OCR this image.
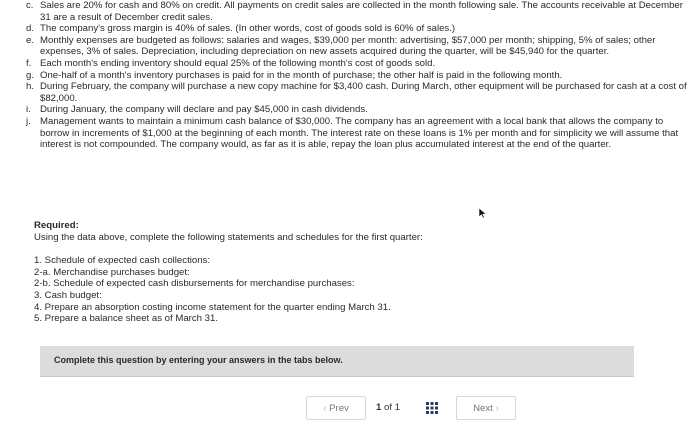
c. Sales are 20% for cash and 80% on credit. All payments on credit sales are collected in the month following sale. The accounts receivable at December 31 are a result of December credit sales.
d. The company's gross margin is 40% of sales. (In other words, cost of goods sold is 60% of sales.)
e. Monthly expenses are budgeted as follows: salaries and wages, $39,000 per month: advertising, $57,000 per month; shipping, 5% of sales; other expenses, 3% of sales. Depreciation, including depreciation on new assets acquired during the quarter, will be $45,940 for the quarter.
f. Each month's ending inventory should equal 25% of the following month's cost of goods sold.
g. One-half of a month's inventory purchases is paid for in the month of purchase; the other half is paid in the following month.
h. During February, the company will purchase a new copy machine for $3,400 cash. During March, other equipment will be purchased for cash at a cost of $82,000.
i. During January, the company will declare and pay $45,000 in cash dividends.
j. Management wants to maintain a minimum cash balance of $30,000. The company has an agreement with a local bank that allows the company to borrow in increments of $1,000 at the beginning of each month. The interest rate on these loans is 1% per month and for simplicity we will assume that interest is not compounded. The company would, as far as it is able, repay the loan plus accumulated interest at the end of the quarter.
Required:
Using the data above, complete the following statements and schedules for the first quarter:
1. Schedule of expected cash collections:
2-a. Merchandise purchases budget:
2-b. Schedule of expected cash disbursements for merchandise purchases:
3. Cash budget:
4. Prepare an absorption costing income statement for the quarter ending March 31.
5. Prepare a balance sheet as of March 31.
Complete this question by entering your answers in the tabs below.
‹ Prev	1 of 1	Next ›
